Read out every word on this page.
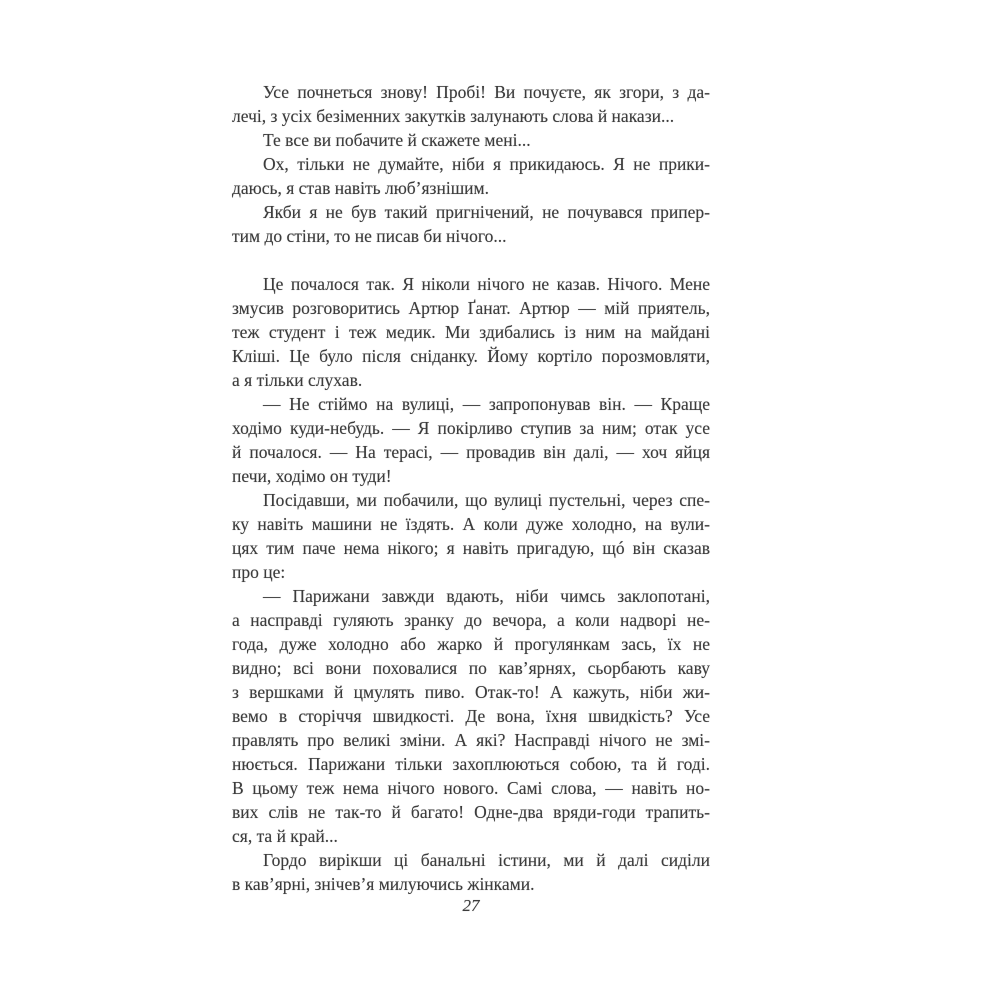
Усе почнеться знову! Пробі! Ви почуєте, як згори, з да-
лечі, з усіх безіменних закутків залунають слова й накази...
Те все ви побачите й скажете мені...
Ох, тільки не думайте, ніби я прикидаюсь. Я не прики-
даюсь, я став навіть люб’язнішим.
Якби я не був такий пригнічений, не почувався припер-
тим до стіни, то не писав би нічого...
Це почалося так. Я ніколи нічого не казав. Нічого. Мене
змусив розговоритись Артюр Ґанат. Артюр — мій приятель,
теж студент і теж медик. Ми здибались із ним на майдані
Кліші. Це було після сніданку. Йому кортіло порозмовляти,
а я тільки слухав.
— Не стіймо на вулиці, — запропонував він. — Краще
ходімо куди-небудь. — Я покірливо ступив за ним; отак усе
й почалося. — На терасі, — провадив він далі, — хоч яйця
печи, ходімо он туди!
Посідавши, ми побачили, що вулиці пустельні, через спе-
ку навіть машини не їздять. А коли дуже холодно, на вули-
цях тим паче нема нікого; я навіть пригадую, щó він сказав
про це:
— Парижани завжди вдають, ніби чимсь заклопотані,
а насправді гуляють зранку до вечора, а коли надворі не-
года, дуже холодно або жарко й прогулянкам зась, їх не
видно; всі вони поховалися по кав’ярнях, сьорбають каву
з вершками й цмулять пиво. Отак-то! А кажуть, ніби жи-
вемо в сторіччя швидкості. Де вона, їхня швидкість? Усе
правлять про великі зміни. А які? Насправді нічого не змі-
нюється. Парижани тільки захоплюються собою, та й годі.
В цьому теж нема нічого нового. Самі слова, — навіть но-
вих слів не так-то й багато! Одне-два вряди-годи трапить-
ся, та й край...
Гордо вирікши ці банальні істини, ми й далі сиділи
в кав’ярні, знічев’я милуючись жінками.
27
